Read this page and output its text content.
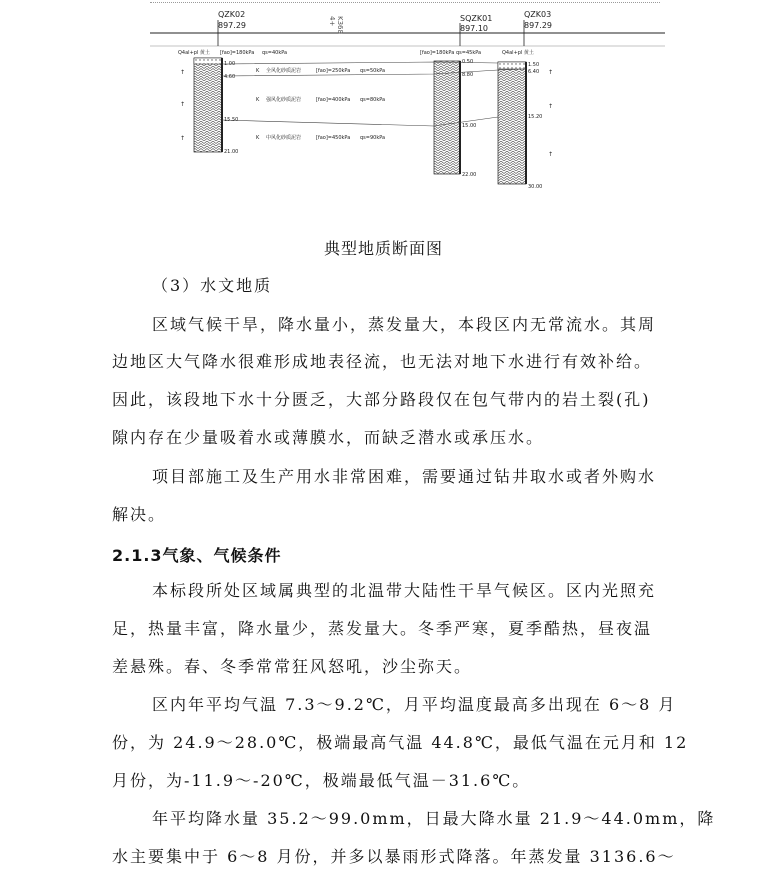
4+ K368
QZK02
897.29
SQZK01
897.10
QZK03
897.29
Q4al+pl 黄土 [fao]=180kPa qs=40kPa	[fao]=180kPa qs=45kPa	Q4al+pl 黄土
1.00
4.60
15.50
21.00
0.50
8.80
15.00
22.00
1.50
6.40
15.20
30.00
K 全风化砂质泥岩	[fao]=250kPa qs=50kPa
K 强风化砂质泥岩	[fao]=400kPa qs=80kPa
K 中风化砂质泥岩	[fao]=450kPa qs=90kPa
↑
↑
↑
↑
↑
↑
典型地质断面图
（3）水文地质
区域气候干旱，降水量小，蒸发量大，本段区内无常流水。其周
边地区大气降水很难形成地表径流，也无法对地下水进行有效补给。
因此，该段地下水十分匮乏，大部分路段仅在包气带内的岩土裂(孔)
隙内存在少量吸着水或薄膜水，而缺乏潜水或承压水。
项目部施工及生产用水非常困难，需要通过钻井取水或者外购水
解决。
2.1.3气象、气候条件
本标段所处区域属典型的北温带大陆性干旱气候区。区内光照充
足，热量丰富，降水量少，蒸发量大。冬季严寒，夏季酷热，昼夜温
差悬殊。春、冬季常常狂风怒吼，沙尘弥天。
区内年平均气温 7.3～9.2℃，月平均温度最高多出现在 6～8 月
份，为 24.9～28.0℃，极端最高气温 44.8℃，最低气温在元月和 12
月份，为-11.9～-20℃，极端最低气温－31.6℃。
年平均降水量 35.2～99.0mm，日最大降水量 21.9～44.0mm，降
水主要集中于 6～8 月份，并多以暴雨形式降落。年蒸发量 3136.6～
